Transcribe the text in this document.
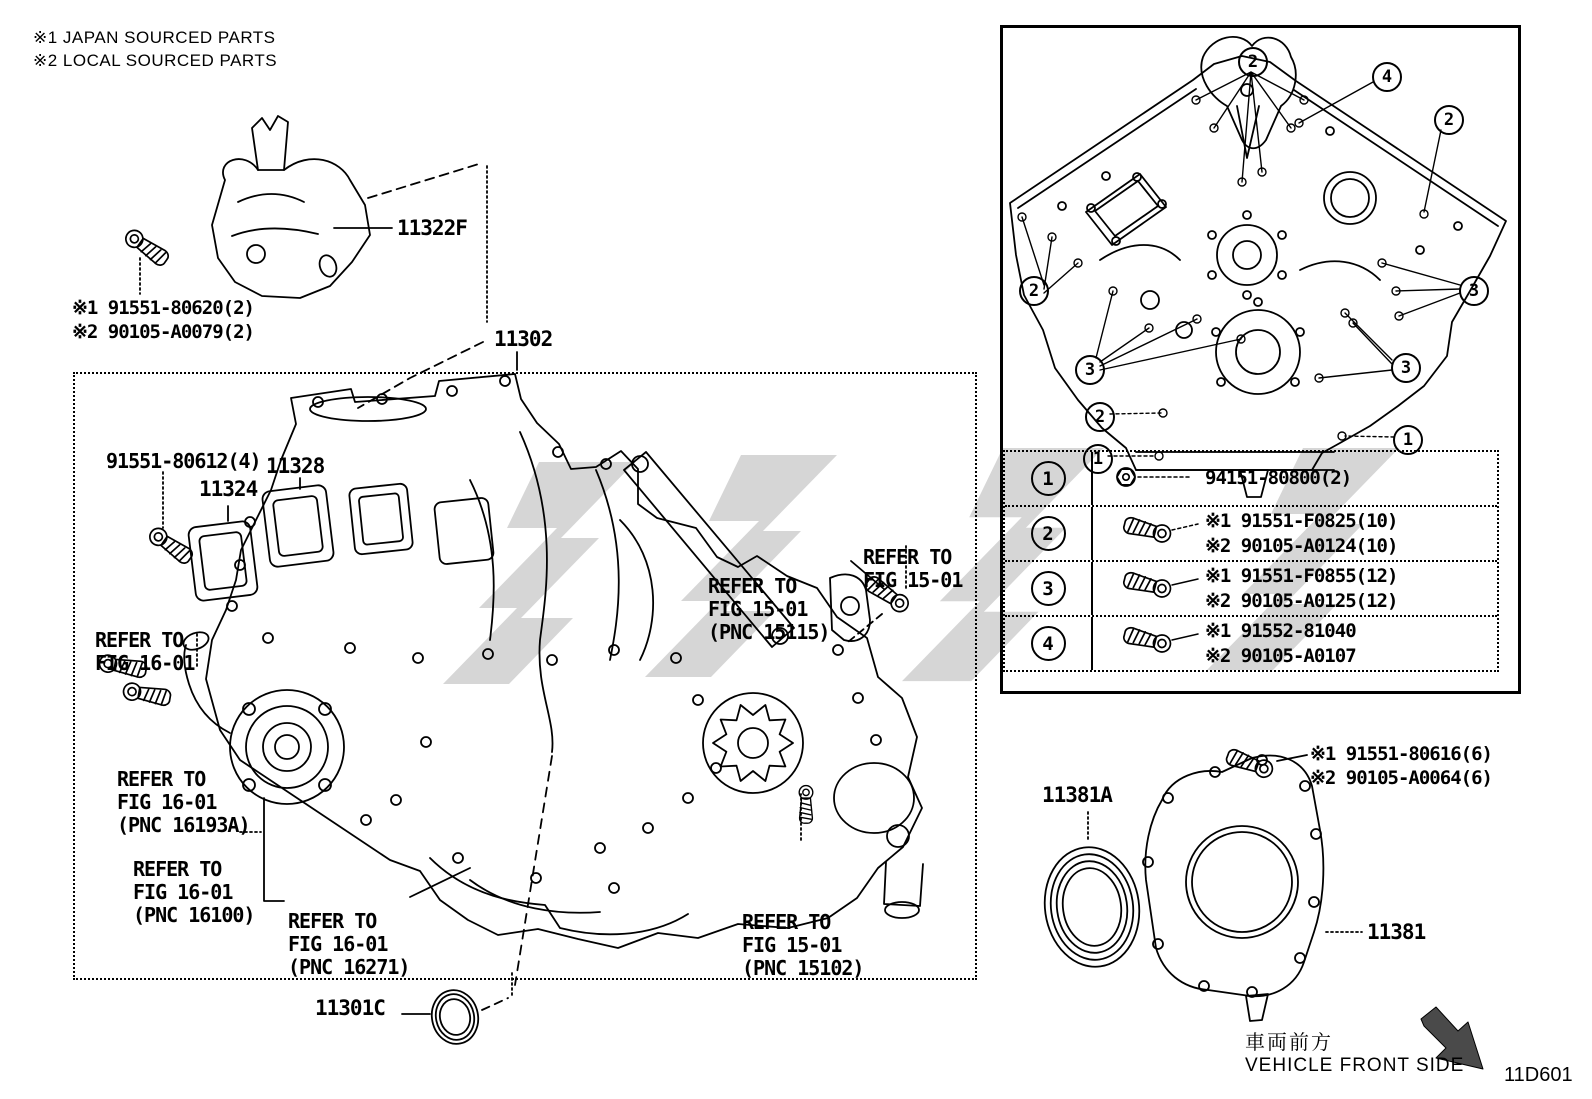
※1 JAPAN SOURCED PARTS
※2 LOCAL SOURCED PARTS
11322F
※1 91551-80620(2)
※2 90105-A0079(2)	11302
91551-80612(4) 11328
11324
11301C

REFER TO
FIG 16-01

REFER TO
FIG 16-01
(PNC 16193A)

REFER TO
FIG 16-01
(PNC 16100)

REFER TO
FIG 16-01
(PNC 16271)

REFER TO
FIG 15-01
(PNC 15115)

REFER TO
FIG 15-01

REFER TO
FIG 15-01
(PNC 15102)

2
4
2
2	3
3	3
2
1
1
1	94151-80800(2)
2
※1 91551-F0825(10)
※2 90105-A0124(10)
3
※1 91551-F0855(12)
※2 90105-A0125(12)
4
※1 91552-81040
※2 90105-A0107
※1 91551-80616(6)
※2 90105-A0064(6)
11381A
11381
車両前方
VEHICLE FRONT SIDE 11D601
